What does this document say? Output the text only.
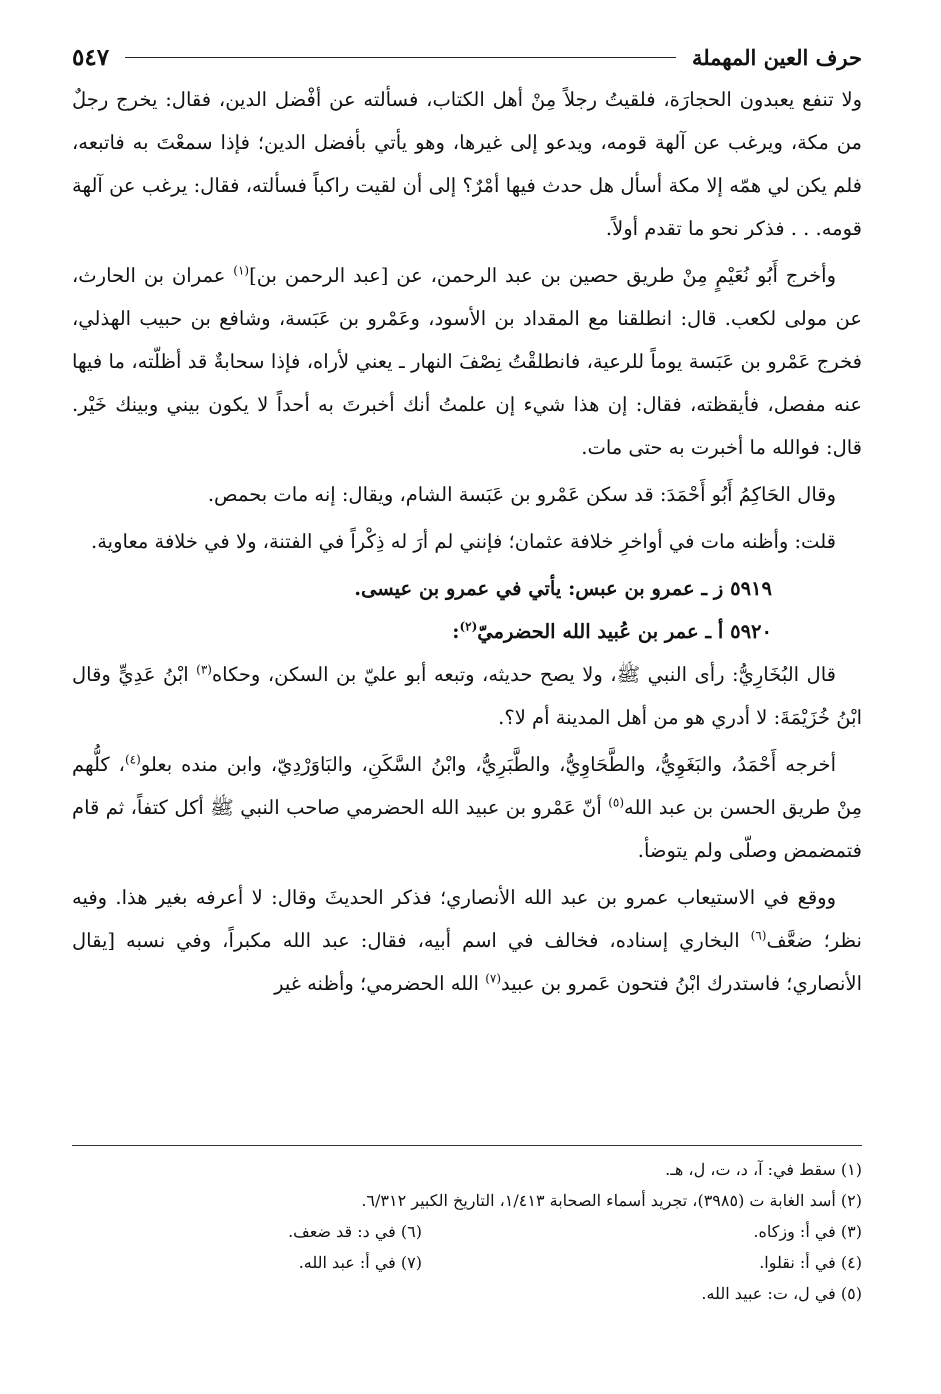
حرف العين المهملة
٥٤٧

ولا تنفع يعبدون الحجارَة، فلقيتُ رجلاً مِنْ أهل الكتاب، فسألته عن أفْضل الدين، فقال: يخرج رجلٌ من مكة، ويرغب عن آلهة قومه، ويدعو إلى غيرها، وهو يأتي بأفضل الدين؛ فإذا سمعْتَ به فاتبعه، فلم يكن لي همّه إلا مكة أسأل هل حدث فيها أمْرٌ؟ إلى أن لقيت راكباً فسألته، فقال: يرغب عن آلهة قومه. . . فذكر نحو ما تقدم أولاً.

وأخرج أَبُو نُعَيْمٍ مِنْ طريق حصين بن عبد الرحمن، عن [عبد الرحمن بن]$^{(١)}$ عمران بن الحارث، عن مولى لكعب. قال: انطلقنا مع المقداد بن الأسود، وعَمْرو بن عَبَسة، وشافع بن حبيب الهذلي، فخرج عَمْرو بن عَبَسة يوماً للرعية، فانطلقْتُ نِصْفَ النهار ـ يعني لأراه، فإذا سحابةٌ قد أظلّته، ما فيها عنه مفصل، فأيقظته، فقال: إن هذا شيء إن علمتُ أنك أخبرتَ به أحداً لا يكون بيني وبينك خَيْر. قال: فوالله ما أخبرت به حتى مات.

وقال الحَاكِمُ أَبُو أَحْمَدَ: قد سكن عَمْرو بن عَبَسة الشام، ويقال: إنه مات بحمص.

قلت: وأظنه مات في أواخرِ خلافة عثمان؛ فإنني لم أرَ له ذِكْراً في الفتنة، ولا في خلافة معاوية.

٥٩١٩ ز ـ عمرو بن عبس: يأتي في عمرو بن عيسى.

٥٩٢٠ أ ـ عمر بن عُبيد الله الحضرميّ$^{(٢)}$:

قال البُخَارِيُّ: رأى النبي ﷺ، ولا يصح حديثه، وتبعه أبو عليّ بن السكن، وحكاه$^{(٣)}$ ابْنُ عَدِيٍّ وقال ابْنُ خُزَيْمَةَ: لا أدري هو من أهل المدينة أم لا؟.

أخرجه أَحْمَدُ، والبَغَوِيُّ، والطَّحَاوِيُّ، والطَّبَرِيُّ، وابْنُ السَّكَنِ، والبَاوَرْدِيّ، وابن منده بعلو$^{(٤)}$، كلُّهم مِنْ طريق الحسن بن عبد الله$^{(٥)}$ أنّ عَمْرو بن عبيد الله الحضرمي صاحب النبي ﷺ أكل كتفاً، ثم قام فتمضمض وصلّى ولم يتوضأ.

ووقع في الاستيعاب عمرو بن عبد الله الأنصاري؛ فذكر الحديثَ وقال: لا أعرفه بغير هذا. وفيه نظر؛ ضعَّف$^{(٦)}$ البخاري إسناده، فخالف في اسم أبيه، فقال: عبد الله مكبراً، وفي نسبه [يقال الأنصاري؛ فاستدرك ابْنُ فتحون عَمرو بن عبيد$^{(٧)}$ الله الحضرمي؛ وأظنه غير

(١) سقط في: آ، د، ت، ل، هـ.
(٢) أسد الغابة ت (٣٩٨٥)، تجريد أسماء الصحابة ١/٤١٣، التاريخ الكبير ٦/٣١٢.
(٣) في أ: وزكاه.
(٤) في أ: نقلوا.
(٥) في ل، ت: عبيد الله.
(٦) في د: قد ضعف.
(٧) في أ: عبد الله.
